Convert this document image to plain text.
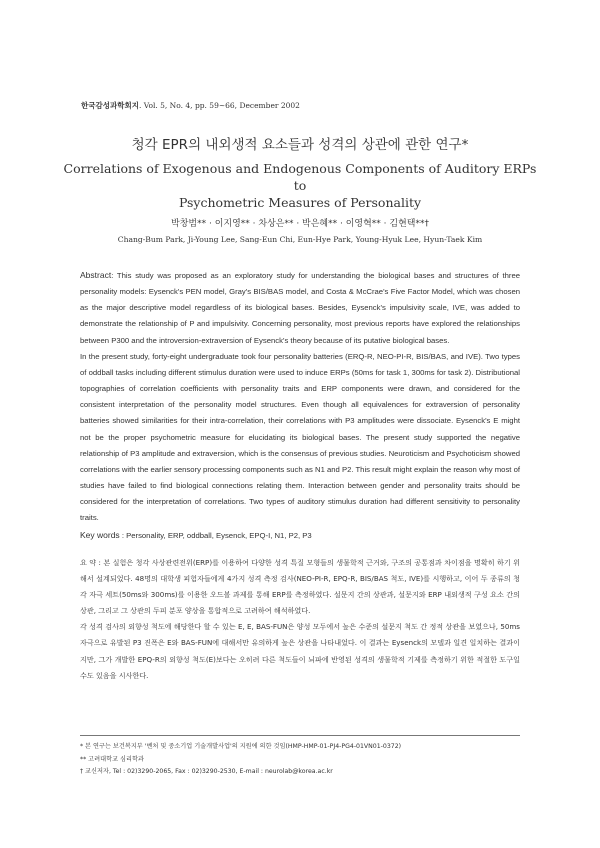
한국감성과학회지. Vol. 5, No. 4, pp. 59~66, December 2002
청각 EPR의 내외생적 요소들과 성격의 상관에 관한 연구*
Correlations of Exogenous and Endogenous Components of Auditory ERPs to
Psychometric Measures of Personality
박창범** · 이지영** · 차상은** · 박은혜** · 이영혁** · 김현택**†
Chang-Bum Park, Ji-Young Lee, Sang-Eun Chi, Eun-Hye Park, Young-Hyuk Lee, Hyun-Taek Kim

Abstract: This study was proposed as an exploratory study for understanding the biological bases and structures of three personality models: Eysenck's PEN model, Gray's BIS/BAS model, and Costa & McCrae's Five Factor Model, which was chosen as the major descriptive model regardless of its biological bases. Besides, Eysenck's impulsivity scale, IVE, was added to demonstrate the relationship of P and impulsivity. Concerning personality, most previous reports have explored the relationships between P300 and the introversion-extraversion of Eysenck's theory because of its putative biological bases.

In the present study, forty-eight undergraduate took four personality batteries (ERQ-R, NEO-PI-R, BIS/BAS, and IVE). Two types of oddball tasks including different stimulus duration were used to induce ERPs (50ms for task 1, 300ms for task 2). Distributional topographies of correlation coefficients with personality traits and ERP components were drawn, and considered for the consistent interpretation of the personality model structures. Even though all equivalences for extraversion of personality batteries showed similarities for their intra-correlation, their correlations with P3 amplitudes were dissociate. Eysenck's E might not be the proper psychometric measure for elucidating its biological bases. The present study supported the negative relationship of P3 amplitude and extraversion, which is the consensus of previous studies. Neuroticism and Psychoticism showed correlations with the earlier sensory processing components such as N1 and P2. This result might explain the reason why most of studies have failed to find biological connections relating them. Interaction between gender and personality traits should be considered for the interpretation of correlations. Two types of auditory stimulus duration had different sensitivity to personality traits.

Key words : Personality, ERP, oddball, Eysenck, EPQ-I, N1, P2, P3

요 약 : 본 실험은 청각 사상관련전위(ERP)를 이용하여 다양한 성격 특질 모형들의 생물학적 근거와, 구조의 공통점과 차이점을 명확히 하기 위해서 설계되었다. 48명의 대학생 피험자들에게 4가지 성격 측정 검사(NEO-PI-R, EPQ-R, BIS/BAS 척도, IVE)를 시행하고, 이어 두 종류의 청각 자극 세트(50ms와 300ms)를 이용한 오드볼 과제를 통해 ERP를 측정하였다. 설문지 간의 상관과, 설문지와 ERP 내외생적 구성 요소 간의 상관, 그리고 그 상관의 두피 분포 양상을 통합적으로 고려하여 해석하였다.

각 성격 검사의 외향성 척도에 해당한다 할 수 있는 E, E, BAS-FUN은 양성 모두에서 높은 수준의 설문지 척도 간 정적 상관을 보였으나, 50ms 자극으로 유발된 P3 진폭은 E와 BAS-FUN에 대해서만 유의하게 높은 상관을 나타내었다. 이 결과는 Eysenck의 모델과 일견 일치하는 결과이지만, 그가 개발한 EPQ-R의 외향성 척도(E)보다는 오히려 다른 척도들이 뇌파에 반영된 성격의 생물학적 기제를 측정하기 위한 적절한 도구일 수도 있음을 시사한다.

* 본 연구는 보건복지부 '벤처 및 중소기업 기술개발사업'의 지원에 의한 것임(HMP-HMP-01-PJ4-PG4-01VN01-0372)
** 고려대학교 심리학과
† 교신저자, Tel : 02)3290-2065, Fax : 02)3290-2530, E-mail : neurolab@korea.ac.kr
